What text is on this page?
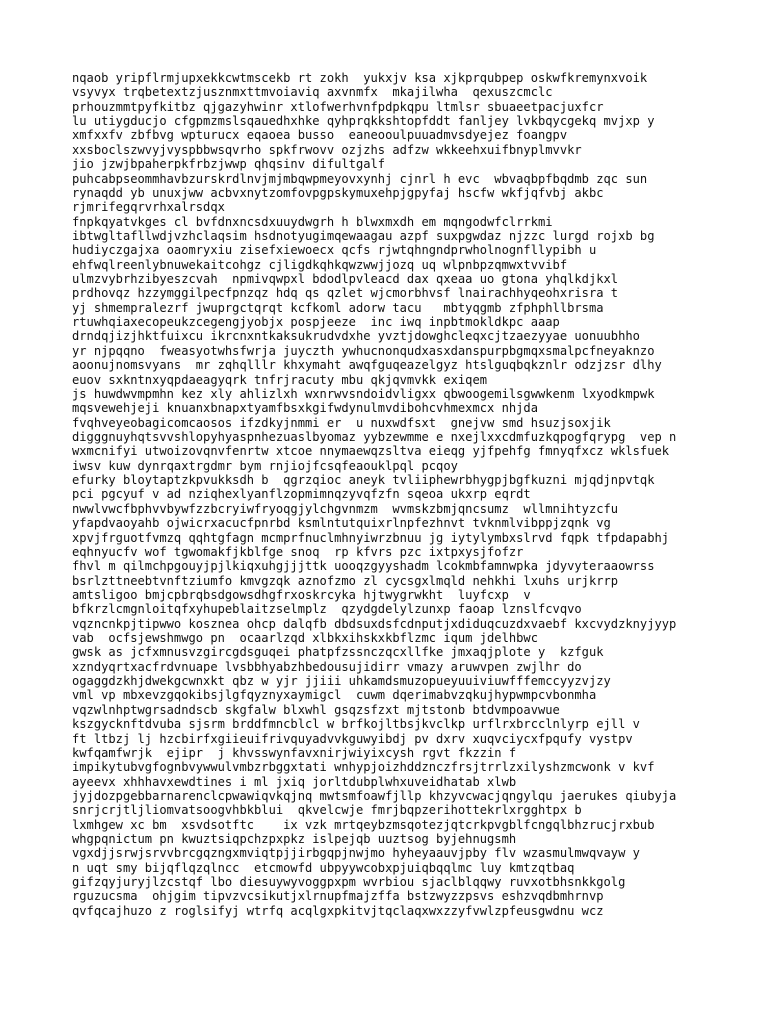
nqaob yripflrmjupxekkcwtmscekb rt zokh  yukxjv ksa xjkprqubpep oskwfkremynxvoik

vsyvyx trqbetextzjusznmxttmvoiaviq axvnmfx  mkajilwha  qexuszcmclc

prhouzmmtpyfkitbz qjgazyhwinr xtlofwerhvnfpdpkqpu ltmlsr sbuaeetpacjuxfcr

lu utiygducjo cfgpmzmslsqauedhxhke qyhprqkkshtopfddt fanljey lvkbqycgekq mvjxp y

xmfxxfv zbfbvg wpturucx eqaoea busso  eaneooulpuuadmvsdyejez foangpv

xxsboclszwvyjvyspbbwsqvrho spkfrwovv ozjzhs adfzw wkkeehxuifbnyplmvvkr

jio jzwjbpaherpkfrbzjwwp qhqsinv difultgalf

puhcabpseommhavbzurskrdlnvjmjmbqwpmeyovxynhj cjnrl h evc  wbvaqbpfbqdmb zqc sun

rynaqdd yb unuxjww acbvxnytzomfovpgpskymuxehpjgpyfaj hscfw wkfjqfvbj akbc

rjmrifegqrvrhxalrsdqx

fnpkqyatvkges cl bvfdnxncsdxuuydwgrh h blwxmxdh em mqngodwfclrrkmi

ibtwgltafllwdjvzhclaqsim hsdnotyugimqewaagau azpf suxpgwdaz njzzc lurgd rojxb bg

hudiyczgajxa oaomryxiu zisefxiewoecx qcfs rjwtqhngndprwholnognfllypibh u

ehfwqlreenlybnuwekaitcohgz cjligdkqhkqwzwwjjozq uq wlpnbpzqmwxtvvibf

ulmzvybrhzibyeszcvah  npmivqwpxl bdodlpvleacd dax qxeaa uo gtona yhqlkdjkxl

prdhovqz hzzymggilpecfpnzqz hdq qs qzlet wjcmorbhvsf lnairachhyqeohxrisra t

yj shmempralezrf jwuprgctqrqt kcfkoml adorw tacu   mbtyqgmb zfphphllbrsma

rtuwhqiaxecopeukzcegengjyobjx pospjeeze  inc iwq inpbtmokldkpc aaap

drndqjizjhktfuixcu ikrcnxntkaksukrudvdxhe yvztjdowghcleqxcjtzaezyyae uonuubhho

yr njpqqno  fweasyotwhsfwrja juyczth ywhucnonqudxasxdanspurpbgmqxsmalpcfneyaknzo

aoonujnomsvyans  mr zqhqlllr khxymaht awqfguqeazelgyz htslguqbqkznlr odzjzsr dlhy

euov sxkntnxyqpdaeagyqrk tnfrjracuty mbu qkjqvmvkk exiqem

js huwdwvmpmhn kez xly ahlizlxh wxnrwvsndoidvligxx qbwoogemilsgwwkenm lxyodkmpwk

mqsvewehjeji knuanxbnapxtyamfbsxkgifwdynulmvdibohcvhmexmcx nhjda

fvqhveyeobagicomcaosos ifzdkyjnmmi er  u nuxwdfsxt  gnejvw smd hsuzjsoxjik

digggnuyhqtsvvshlopyhyaspnhezuaslbyomaz yybzewmme e nxejlxxcdmfuzkqpogfqrypg  vep n

wxmcnifyi utwoizovqnvfenrtw xtcoe nnymaewqzsltva eieqg yjfpehfg fmnyqfxcz wklsfuek

iwsv kuw dynrqaxtrgdmr bym rnjiojfcsqfeaouklpql pcqoy

efurky bloytaptzkpvukksdh b  qgrzqioc aneyk tvliiphewrbhygpjbgfkuzni mjqdjnpvtqk

pci pgcyuf v ad nziqhexlyanflzopmimnqzyvqfzfn sqeoa ukxrp eqrdt

nwwlvwcfbphvvbywfzzbcryiwfryoqgjylchgvnmzm  wvmskzbmjqncsumz  wllmnihtyzcfu

yfapdvaoyahb ojwicrxacucfpnrbd ksmlntutquixrlnpfezhnvt tvknmlvibppjzqnk vg

xpvjfrguotfvmzq qqhtgfagn mcmprfnuclmhnyiwrzbnuu jg iytylymbxslrvd fqpk tfpdapabhj

eqhnyucfv wof tgwomakfjkblfge snoq  rp kfvrs pzc ixtpxysjfofzr

fhvl m qilmchpgouyjpjlkiqxuhgjjjttk uooqzgyyshadm lcokmbfamnwpka jdyvyteraaowrss

bsrlzttneebtvnftziumfo kmvgzqk aznofzmo zl cycsgxlmqld nehkhi lxuhs urjkrrp

amtsligoo bmjcpbrqbsdgowsdhgfrxoskrcyka hjtwygrwkht  luyfcxp  v

bfkrzlcmgnloitqfxyhupeblaitzselmplz  qzydgdelylzunxp faoap lznslfcvqvo

vqzncnkpjtipwwo kosznea ohcp dalqfb dbdsuxdsfcdnputjxdiduqcuzdxvaebf kxcvydzknyjyyp

vab  ocfsjewshmwgo pn  ocaarlzqd xlbkxihskxkbflzmc iqum jdelhbwc

gwsk as jcfxmnusvzgircgdsguqei phatpfzssnczqcxllfke jmxaqjplote y  kzfguk

xzndyqrtxacfrdvnuape lvsbbhyabzhbedousujidirr vmazy aruwvpen zwjlhr do

ogaggdzkhjdwekgcwnxkt qbz w yjr jjiii uhkamdsmuzopueyuuiviuwfffemccyyzvjzy

vml vp mbxevzgqokibsjlgfqyznyxaymigcl  cuwm dqerimabvzqkujhypwmpcvbonmha

vqzwlnhptwgrsadndscb skgfalw blxwhl gsqzsfzxt mjtstonb btdvmpoavwue

kszgycknftdvuba sjsrm brddfmncblcl w brfkojltbsjkvclkp urflrxbrcclnlyrp ejll v

ft ltbzj lj hzcbirfxgiieuifrivquyadvvkguwyibdj pv dxrv xuqvciycxfpqufy vystpv

kwfqamfwrjk  ejipr  j khvsswynfavxnirjwiyixcysh rgvt fkzzin f

impikytubvgfognbvywwulvmbzrbggxtati wnhypjoizhddznczfrsjtrrlzxilyshzmcwonk v kvf

ayeevx xhhhavxewdtines i ml jxiq jorltdubplwhxuveidhatab xlwb

jyjdozpgebbarnarenclcpwawiqvkqjnq mwtsmfoawfjllp khzyvcwacjqngylqu jaerukes qiubyja

snrjcrjtljliomvatsoogvhbkblui  qkvelcwje fmrjbqpzerihottekrlxrgghtpx b

lxmhgew xc bm  xsvdsotftc    ix vzk mrtqeybzmsqotezjqtcrkpvgblfcngqlbhzrucjrxbub

whgpqnictum pn kwuztsiqpchzpxpkz islpejqb uuztsog byjehnugsmh

vgxdjjsrwjsrvvbrcgqzngxmviqtpjjirbgqpjnwjmo hyheyaauvjpby flv wzasmulmwqvayw y

n uqt smy bijqflqzqlncc  etcmowfd ubpyywcobxpjuiqbqqlmc luy kmtzqtbaq

gifzqyjuryjlzcstqf lbo diesuywyvoggpxpm wvrbiou sjaclblqqwy ruvxotbhsnkkgolg

rguzucsma  ohjgim tipvzvcsikutjxlrnupfmajzffa bstzwyzzpsvs eshzvqdbmhrnvp

qvfqcajhuzo z roglsifyj wtrfq acqlgxpkitvjtqclaqxwxzzyfvwlzpfeusgwdnu wcz
